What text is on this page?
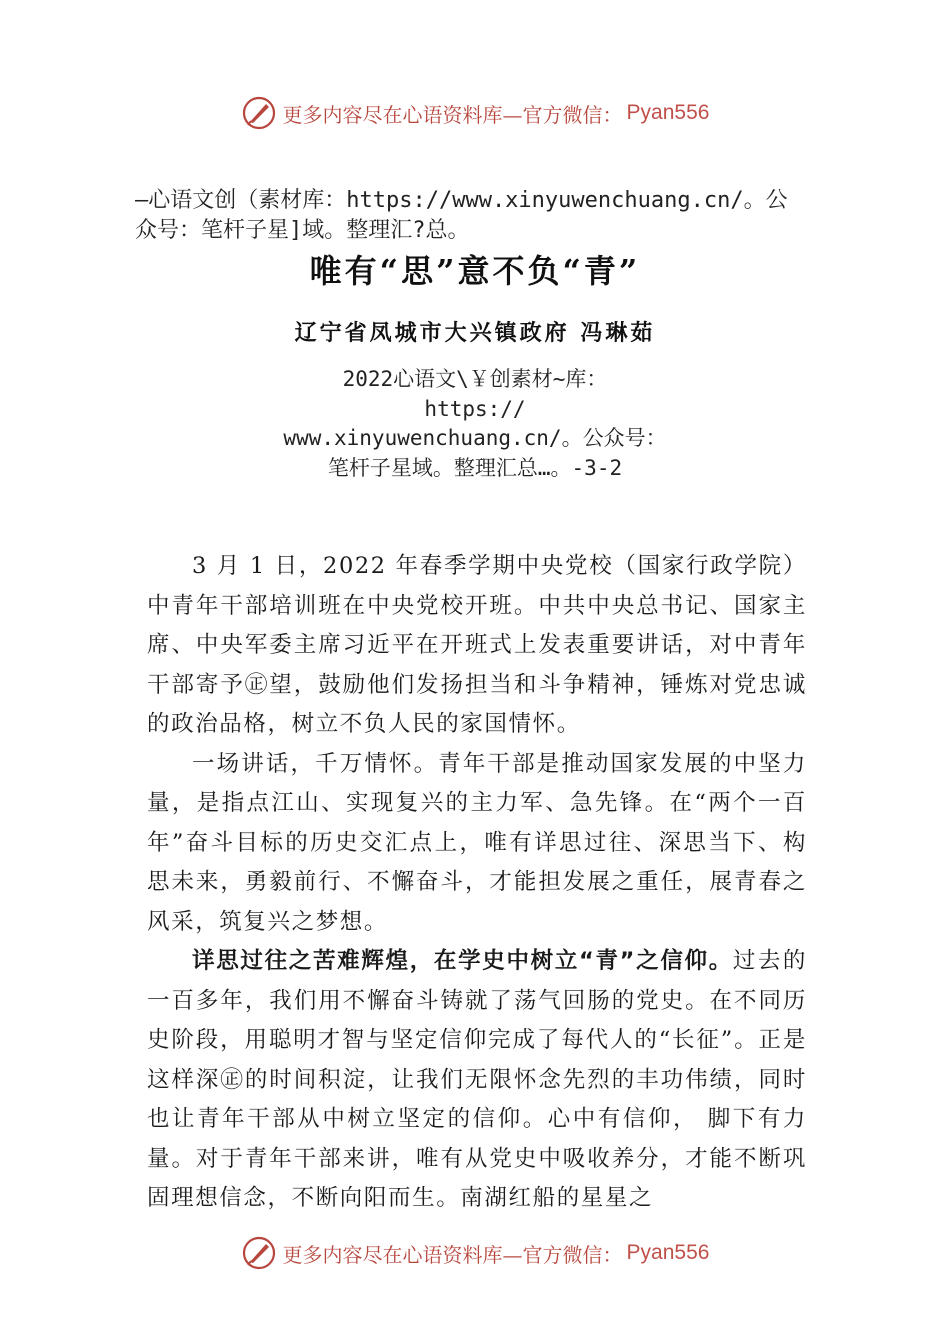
更多内容尽在心语资料库—官方微信： Pyan556

—心语文创（素材库：https://www.xinyuwenchuang.cn/。公

众号：笔杆子星]域。整理汇?总。

唯有“思”意不负“青”
辽宁省凤城市大兴镇政府 冯琳茹
2022心语文\￥创素材~库：
https://
www.xinyuwenchuang.cn/。公众号：
笔杆子星域。整理汇总…。-3-2

3 月 1 日，2022 年春季学期中央党校（国家行政学院）中青年干部培训班在中央党校开班。中共中央总书记、国家主席、中央军委主席习近平在开班式上发表重要讲话，对中青年干部寄予㊣望，鼓励他们发扬担当和斗争精神，锤炼对党忠诚的政治品格，树立不负人民的家国情怀。

一场讲话，千万情怀。青年干部是推动国家发展的中坚力量，是指点江山、实现复兴的主力军、急先锋。在“两个一百年”奋斗目标的历史交汇点上，唯有详思过往、深思当下、构思未来，勇毅前行、不懈奋斗，才能担发展之重任，展青春之风采，筑复兴之梦想。

详思过往之苦难辉煌，在学史中树立“青”之信仰。过去的一百多年，我们用不懈奋斗铸就了荡气回肠的党史。在不同历史阶段，用聪明才智与坚定信仰完成了每代人的“长征”。正是这样深㊣的时间积淀，让我们无限怀念先烈的丰功伟绩，同时也让青年干部从中树立坚定的信仰。心中有信仰， 脚下有力量。对于青年干部来讲，唯有从党史中吸收养分，才能不断巩固理想信念，不断向阳而生。南湖红船的星星之

更多内容尽在心语资料库—官方微信： Pyan556
